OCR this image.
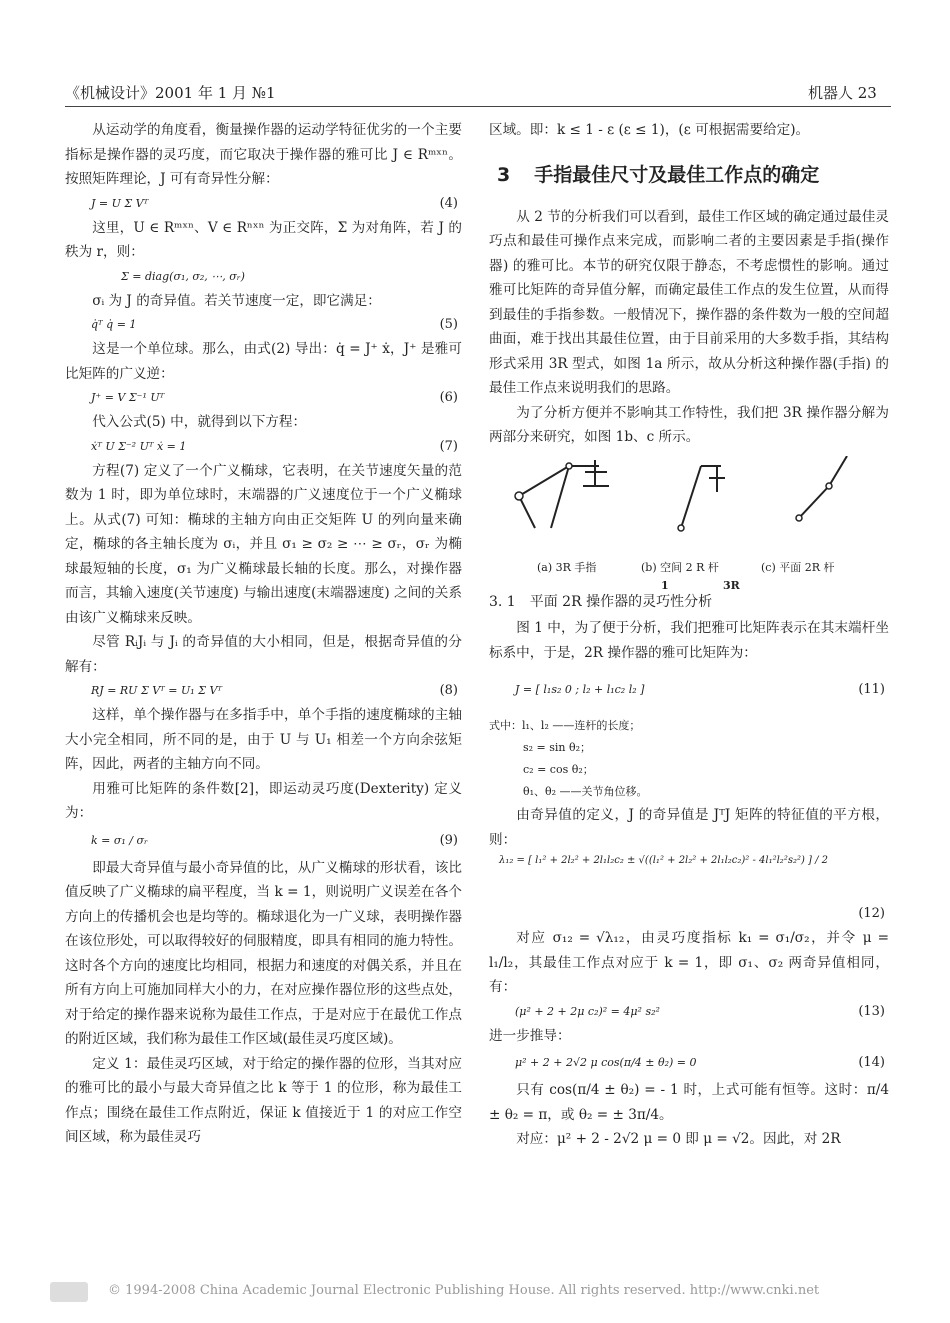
《机械设计》2001 年 1 月 №1	机器人 23

从运动学的角度看，衡量操作器的运动学特征优劣的一个主要指标是操作器的灵巧度，而它取决于操作器的雅可比 J ∈ Rᵐˣⁿ。按照矩阵理论，J 可有奇异性分解：

J = U Σ Vᵀ	(4)

这里，U ∈ Rᵐˣⁿ、V ∈ Rⁿˣⁿ 为正交阵，Σ 为对角阵，若 J 的秩为 r，则：

Σ = diag(σ₁, σ₂, ⋯, σᵣ)

σᵢ 为 J 的奇异值。若关节速度一定，即它满足：

q̇ᵀ q̇ = 1	(5)

这是一个单位球。那么，由式(2) 导出：q̇ = J⁺ ẋ，J⁺ 是雅可比矩阵的广义逆：

J⁺ = V Σ⁻¹ Uᵀ	(6)

代入公式(5) 中，就得到以下方程：

ẋᵀ U Σ⁻² Uᵀ ẋ = 1	(7)

方程(7) 定义了一个广义椭球，它表明，在关节速度矢量的范数为 1 时，即为单位球时，末端器的广义速度位于一个广义椭球上。从式(7) 可知：椭球的主轴方向由正交矩阵 U 的列向量来确定，椭球的各主轴长度为 σᵢ，并且 σ₁ ≥ σ₂ ≥ ⋯ ≥ σᵣ，σᵣ 为椭球最短轴的长度，σ₁ 为广义椭球最长轴的长度。那么，对操作器而言，其输入速度(关节速度) 与输出速度(末端器速度) 之间的关系由该广义椭球来反映。

尽管 RᵢJᵢ 与 Jᵢ 的奇异值的大小相同，但是，根据奇异值的分解有：

RJ = RU Σ Vᵀ = U₁ Σ Vᵀ	(8)

这样，单个操作器与在多指手中，单个手指的速度椭球的主轴大小完全相同，所不同的是，由于 U 与 U₁ 相差一个方向余弦矩阵，因此，两者的主轴方向不同。

用雅可比矩阵的条件数[2]，即运动灵巧度(Dexterity) 定义为：

k = σ₁ / σᵣ	(9)

即最大奇异值与最小奇异值的比，从广义椭球的形状看，该比值反映了广义椭球的扁平程度，当 k = 1，则说明广义误差在各个方向上的传播机会也是均等的。椭球退化为一广义球，表明操作器在该位形处，可以取得较好的伺服精度，即具有相同的施力特性。这时各个方向的速度比均相同，根据力和速度的对偶关系，并且在所有方向上可施加同样大小的力，在对应操作器位形的这些点处，对于给定的操作器来说称为最佳工作点，于是对应于在最优工作点的附近区域，我们称为最佳工作区域(最佳灵巧度区域)。

定义 1：最佳灵巧区域，对于给定的操作器的位形，当其对应的雅可比的最小与最大奇异值之比 k 等于 1 的位形，称为最佳工作点；围绕在最佳工作点附近，保证 k 值接近于 1 的对应工作空间区域，称为最佳灵巧

区域。即：k ≤ 1 - ε (ε ≤ 1)，(ε 可根据需要给定)。

3 手指最佳尺寸及最佳工作点的确定

从 2 节的分析我们可以看到，最佳工作区域的确定通过最佳灵巧点和最佳可操作点来完成，而影响二者的主要因素是手指(操作器) 的雅可比。本节的研究仅限于静态，不考虑惯性的影响。通过雅可比矩阵的奇异值分解，而确定最佳工作点的发生位置，从而得到最佳的手指参数。一般情况下，操作器的条件数为一般的空间超曲面，难于找出其最佳位置，由于目前采用的大多数手指，其结构形式采用 3R 型式，如图 1a 所示，故从分析这种操作器(手指) 的最佳工作点来说明我们的思路。

为了分析方便并不影响其工作特性，我们把 3R 操作器分解为两部分来研究，如图 1b、c 所示。

(a) 3R 手指	(b) 空间 2 R 杆	(c) 平面 2R 杆
1	3R
3. 1　平面 2R 操作器的灵巧性分析

图 1 中，为了便于分析，我们把雅可比矩阵表示在其末端杆坐标系中，于是，2R 操作器的雅可比矩阵为：

J = [ l₁s₂ 0 ; l₂ + l₁c₂ l₂ ]	(11)
式中：l₁、l₂ ——连杆的长度；
s₂ = sin θ₂；
c₂ = cos θ₂；
θ₁、θ₂ ——关节角位移。

由奇异值的定义，J 的奇异值是 JᵀJ 矩阵的特征值的平方根，则：

λ₁₂ = [ l₁² + 2l₂² + 2l₁l₂c₂ ± √((l₁² + 2l₂² + 2l₁l₂c₂)² - 4l₁²l₂²s₂²) ] / 2
(12)

对应 σ₁₂ = √λ₁₂，由灵巧度指标 k₁ = σ₁/σ₂，并令 μ = l₁/l₂，其最佳工作点对应于 k = 1，即 σ₁、σ₂ 两奇异值相同，有：

(μ² + 2 + 2μ c₂)² = 4μ² s₂²	(13)

进一步推导：

μ² + 2 + 2√2 μ cos(π/4 ± θ₂) = 0	(14)

只有 cos(π/4 ± θ₂) = - 1 时，上式可能有恒等。这时：π/4 ± θ₂ = π，或 θ₂ = ± 3π/4。

对应：μ² + 2 - 2√2 μ = 0 即 μ = √2。因此，对 2R

© 1994-2008 China Academic Journal Electronic Publishing House. All rights reserved. http://www.cnki.net
